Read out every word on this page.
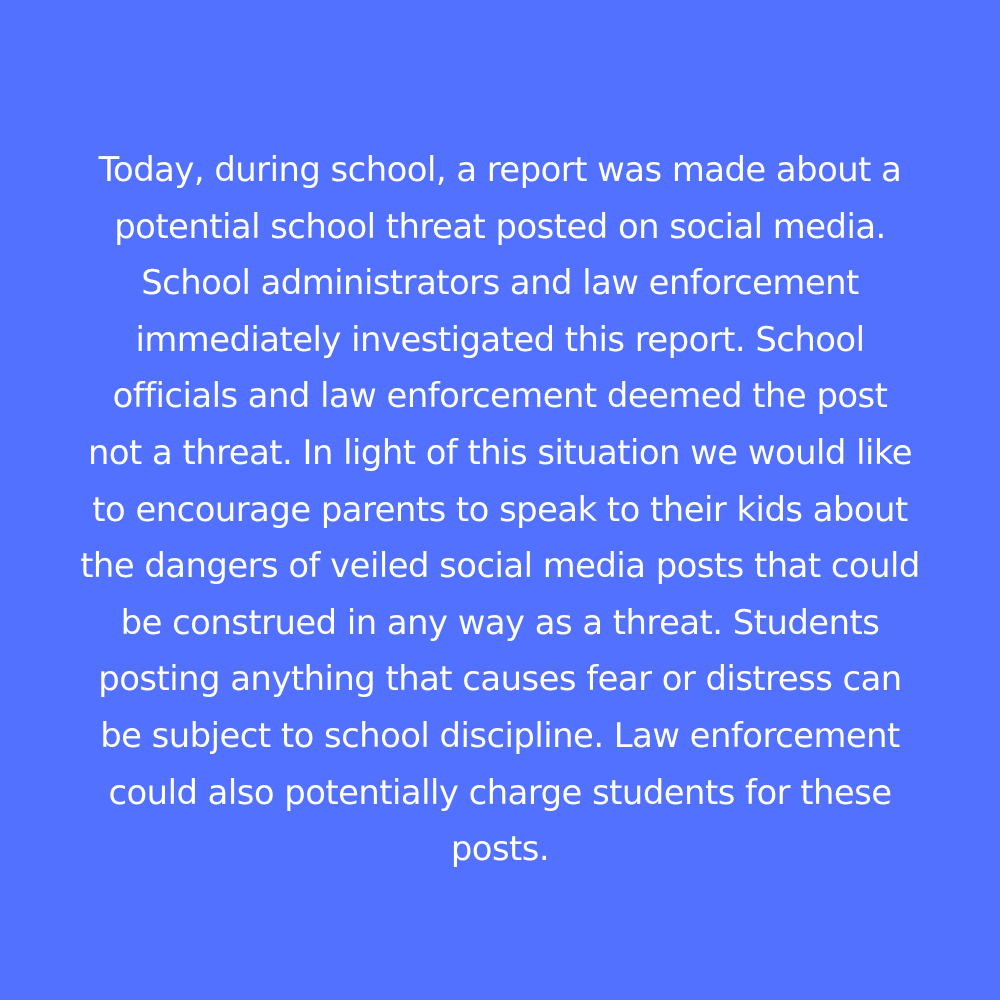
Today, during school, a report was made about a
potential school threat posted on social media.
School administrators and law enforcement
immediately investigated this report. School
officials and law enforcement deemed the post
not a threat. In light of this situation we would like
to encourage parents to speak to their kids about
the dangers of veiled social media posts that could
be construed in any way as a threat. Students
posting anything that causes fear or distress can
be subject to school discipline. Law enforcement
could also potentially charge students for these
posts.
